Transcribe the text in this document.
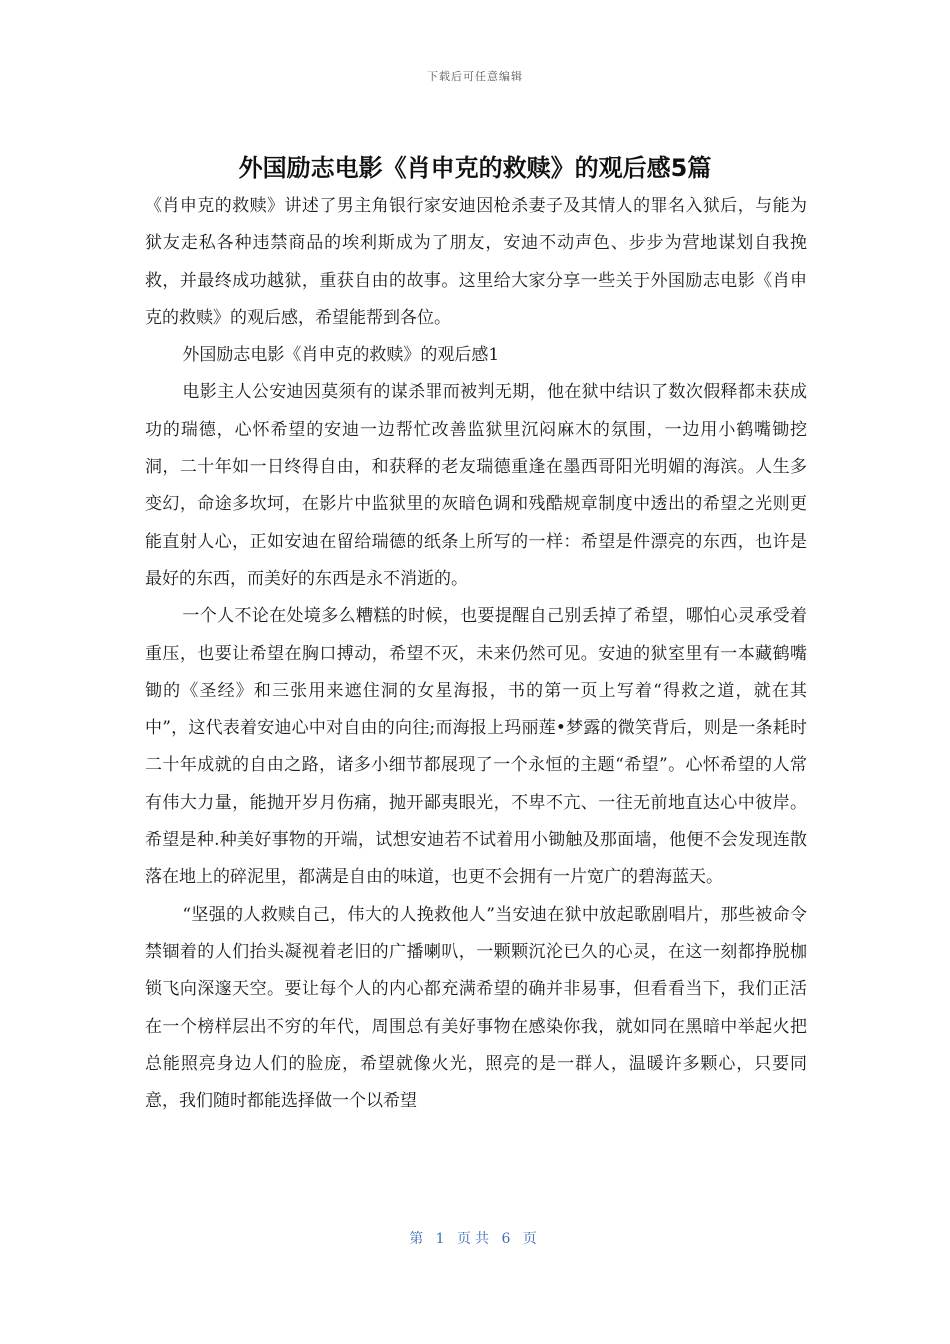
下载后可任意编辑
外国励志电影《肖申克的救赎》的观后感5篇

《肖申克的救赎》讲述了男主角银行家安迪因枪杀妻子及其情人的罪名入狱后，与能为狱友走私各种违禁商品的埃利斯成为了朋友，安迪不动声色、步步为营地谋划自我挽救，并最终成功越狱，重获自由的故事。这里给大家分享一些关于外国励志电影《肖申克的救赎》的观后感，希望能帮到各位。

外国励志电影《肖申克的救赎》的观后感1

电影主人公安迪因莫须有的谋杀罪而被判无期，他在狱中结识了数次假释都未获成功的瑞德，心怀希望的安迪一边帮忙改善监狱里沉闷麻木的氛围，一边用小鹤嘴锄挖洞，二十年如一日终得自由，和获释的老友瑞德重逢在墨西哥阳光明媚的海滨。人生多变幻，命途多坎坷，在影片中监狱里的灰暗色调和残酷规章制度中透出的希望之光则更能直射人心，正如安迪在留给瑞德的纸条上所写的一样：希望是件漂亮的东西，也许是最好的东西，而美好的东西是永不消逝的。

一个人不论在处境多么糟糕的时候，也要提醒自己别丢掉了希望，哪怕心灵承受着重压，也要让希望在胸口搏动，希望不灭，未来仍然可见。安迪的狱室里有一本藏鹤嘴锄的《圣经》和三张用来遮住洞的女星海报，书的第一页上写着“得救之道，就在其中”，这代表着安迪心中对自由的向往;而海报上玛丽莲•梦露的微笑背后，则是一条耗时二十年成就的自由之路，诸多小细节都展现了一个永恒的主题“希望”。心怀希望的人常有伟大力量，能抛开岁月伤痛，抛开鄙夷眼光，不卑不亢、一往无前地直达心中彼岸。希望是种.种美好事物的开端，试想安迪若不试着用小锄触及那面墙，他便不会发现连散落在地上的碎泥里，都满是自由的味道，也更不会拥有一片宽广的碧海蓝天。

“坚强的人救赎自己，伟大的人挽救他人”当安迪在狱中放起歌剧唱片，那些被命令禁锢着的人们抬头凝视着老旧的广播喇叭，一颗颗沉沦已久的心灵，在这一刻都挣脱枷锁飞向深邃天空。要让每个人的内心都充满希望的确并非易事，但看看当下，我们正活在一个榜样层出不穷的年代，周围总有美好事物在感染你我，就如同在黑暗中举起火把总能照亮身边人们的脸庞，希望就像火光，照亮的是一群人，温暖许多颗心，只要同意，我们随时都能选择做一个以希望

第 1 页共 6 页
